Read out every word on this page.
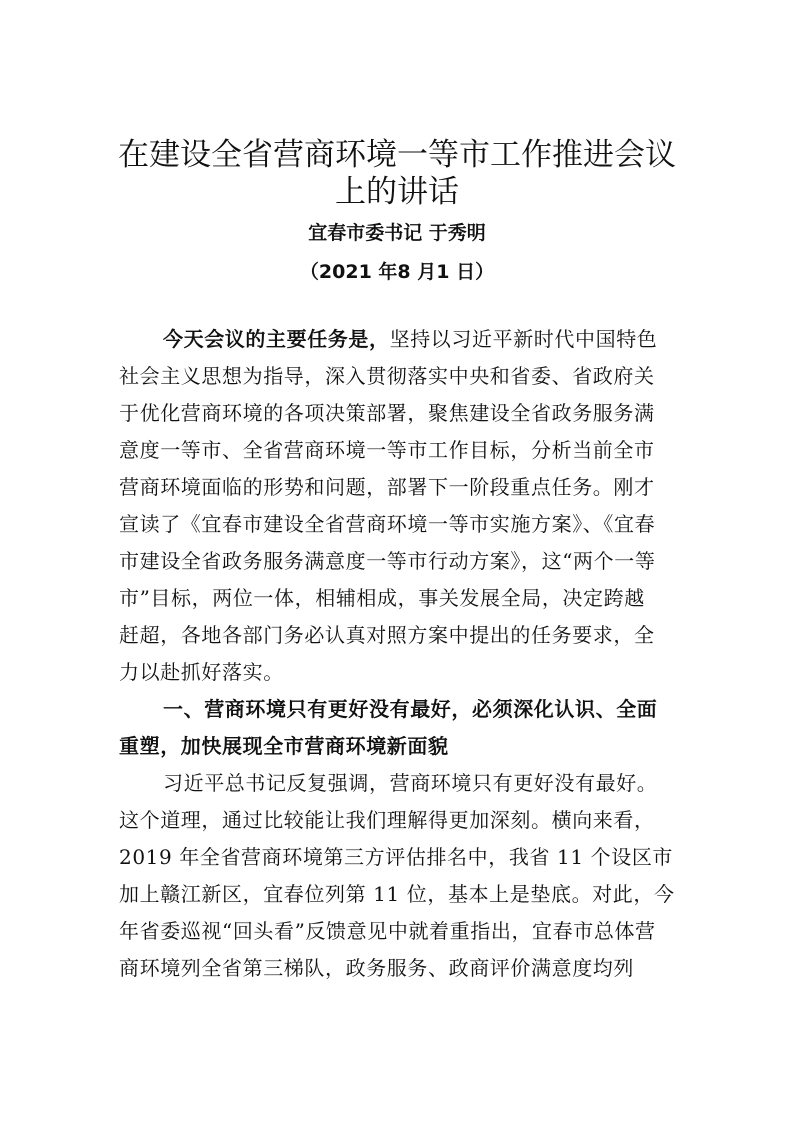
在建设全省营商环境一等市工作推进会议
上的讲话
宜春市委书记 于秀明
（2021 年8 月1 日）
今天会议的主要任务是，坚持以习近平新时代中国特色
社会主义思想为指导，深入贯彻落实中央和省委、省政府关
于优化营商环境的各项决策部署，聚焦建设全省政务服务满
意度一等市、全省营商环境一等市工作目标，分析当前全市
营商环境面临的形势和问题，部署下一阶段重点任务。刚才
宣读了《宜春市建设全省营商环境一等市实施方案》、《宜春
市建设全省政务服务满意度一等市行动方案》，这“两个一等
市”目标，两位一体，相辅相成，事关发展全局，决定跨越
赶超，各地各部门务必认真对照方案中提出的任务要求，全
力以赴抓好落实。
一、营商环境只有更好没有最好，必须深化认识、全面
重塑，加快展现全市营商环境新面貌
习近平总书记反复强调，营商环境只有更好没有最好。
这个道理，通过比较能让我们理解得更加深刻。横向来看，
2019 年全省营商环境第三方评估排名中，我省 11 个设区市
加上赣江新区，宜春位列第 11 位，基本上是垫底。对此，今
年省委巡视“回头看”反馈意见中就着重指出，宜春市总体营
商环境列全省第三梯队，政务服务、政商评价满意度均列
